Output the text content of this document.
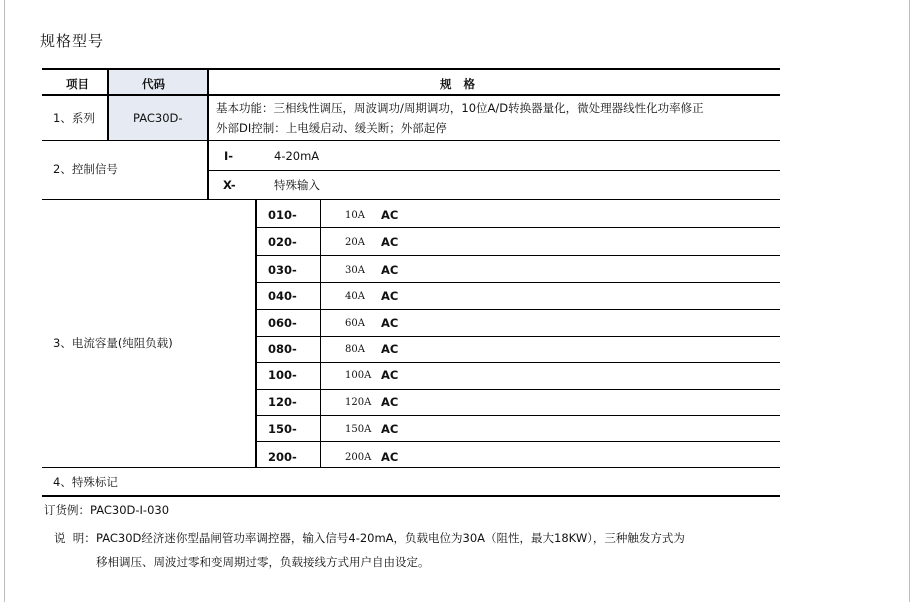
规格型号
项目	代码	规   格
1、系列	PAC30D-
基本功能：三相线性调压，周波调功/周期调功，10位A/D转换器量化，微处理器线性化功率修正
外部DI控制：上电缓启动、缓关断；外部起停
2、控制信号
I-	4-20mA
X-	特殊输入
3、电流容量(纯阻负载)
010-	10A AC
020-	20A AC
030-	30A AC
040-	40A AC
060-	60A AC
080-	80A AC
100-	100A AC
120-	120A AC
150-	150A AC
200-	200A AC
4、特殊标记
订货例：PAC30D-I-030
说  明： PAC30D经济迷你型晶闸管功率调控器，输入信号4-20mA，负载电位为30A（阻性，最大18KW），三种触发方式为
移相调压、周波过零和变周期过零，负载接线方式用户自由设定。
